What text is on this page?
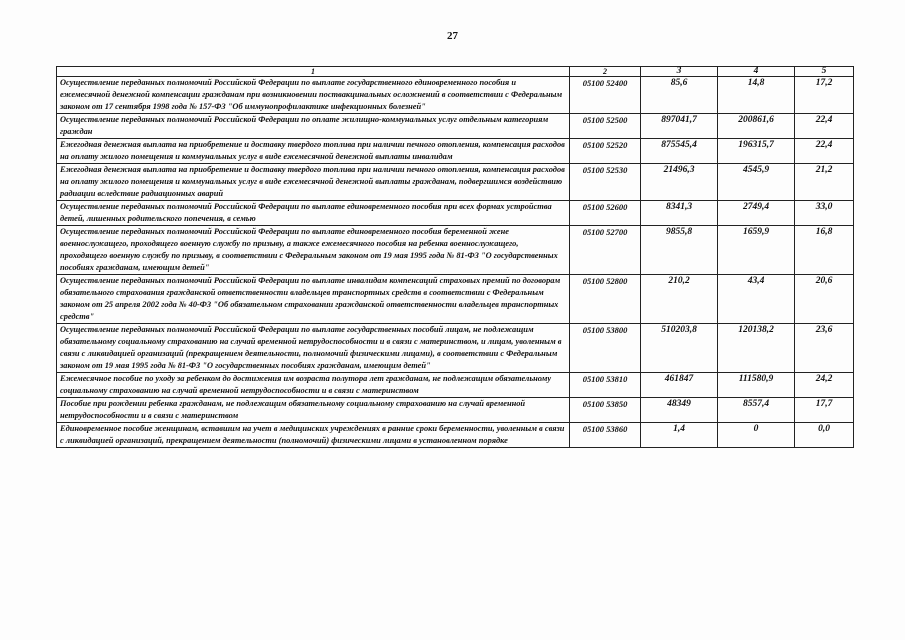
27
1	2	3	4	5
Осуществление переданных полномочий Российской Федерации по выплате государственного единовременного пособия и ежемесячной денежной компенсации гражданам при возникновении поствакцинальных осложнений в соответствии с Федеральным законом от 17 сентября 1998 года № 157-ФЗ "Об иммунопрофилактике инфекционных болезней"	05100 52400	85,6	14,8	17,2
Осуществление переданных полномочий Российской Федерации по оплате жилищно-коммунальных услуг отдельным категориям граждан	05100 52500	897041,7	200861,6	22,4
Ежегодная денежная выплата на приобретение и доставку твердого топлива при наличии печного отопления, компенсация расходов на оплату жилого помещения и коммунальных услуг в виде ежемесячной денежной выплаты инвалидам	05100 52520	875545,4	196315,7	22,4
Ежегодная денежная выплата на приобретение и доставку твердого топлива при наличии печного отопления, компенсация расходов на оплату жилого помещения и коммунальных услуг в виде ежемесячной денежной выплаты гражданам, подвергшимся воздействию радиации вследствие радиационных аварий	05100 52530	21496,3	4545,9	21,2
Осуществление переданных полномочий Российской Федерации по выплате единовременного пособия при всех формах устройства детей, лишенных родительского попечения, в семью	05100 52600	8341,3	2749,4	33,0
Осуществление переданных полномочий Российской Федерации по выплате единовременного пособия беременной жене военнослужащего, проходящего военную службу по призыву, а также ежемесячного пособия на ребенка военнослужащего, проходящего военную службу по призыву, в соответствии с Федеральным законом от 19 мая 1995 года № 81-ФЗ "О государственных пособиях гражданам, имеющим детей"	05100 52700	9855,8	1659,9	16,8
Осуществление переданных полномочий Российской Федерации по выплате инвалидам компенсаций страховых премий по договорам обязательного страхования гражданской ответственности владельцев транспортных средств в соответствии с Федеральным законом от 25 апреля 2002 года № 40-ФЗ "Об обязательном страховании гражданской ответственности владельцев транспортных средств"	05100 52800	210,2	43,4	20,6
Осуществление переданных полномочий Российской Федерации по выплате государственных пособий лицам, не подлежащим обязательному социальному страхованию на случай временной нетрудоспособности и в связи с материнством, и лицам, уволенным в связи с ликвидацией организаций (прекращением деятельности, полномочий физическими лицами), в соответствии с Федеральным законом от 19 мая 1995 года № 81-ФЗ "О государственных пособиях гражданам, имеющим детей"	05100 53800	510203,8	120138,2	23,6
Ежемесячное пособие по уходу за ребенком до достижения им возраста полутора лет гражданам, не подлежащим обязательному социальному страхованию на случай временной нетрудоспособности и в связи с материнством	05100 53810	461847	111580,9	24,2
Пособие при рождении ребенка гражданам, не подлежащим обязательному социальному страхованию на случай временной нетрудоспособности и в связи с материнством	05100 53850	48349	8557,4	17,7
Единовременное пособие женщинам, вставшим на учет в медицинских учреждениях в ранние сроки беременности, уволенным в связи с ликвидацией организаций, прекращением деятельности (полномочий) физическими лицами в установленном порядке	05100 53860	1,4	0	0,0
